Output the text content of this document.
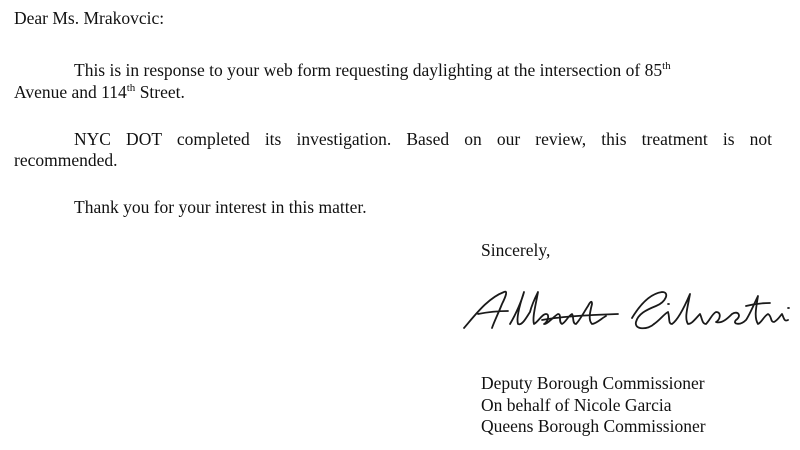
Dear Ms. Mrakovcic:
This is in response to your web form requesting daylighting at the intersection of 85th
Avenue and 114th Street.
NYC DOT completed its investigation. Based on our review, this treatment is not
recommended.
Thank you for your interest in this matter.
Sincerely,
Deputy Borough Commissioner
On behalf of Nicole Garcia
Queens Borough Commissioner
